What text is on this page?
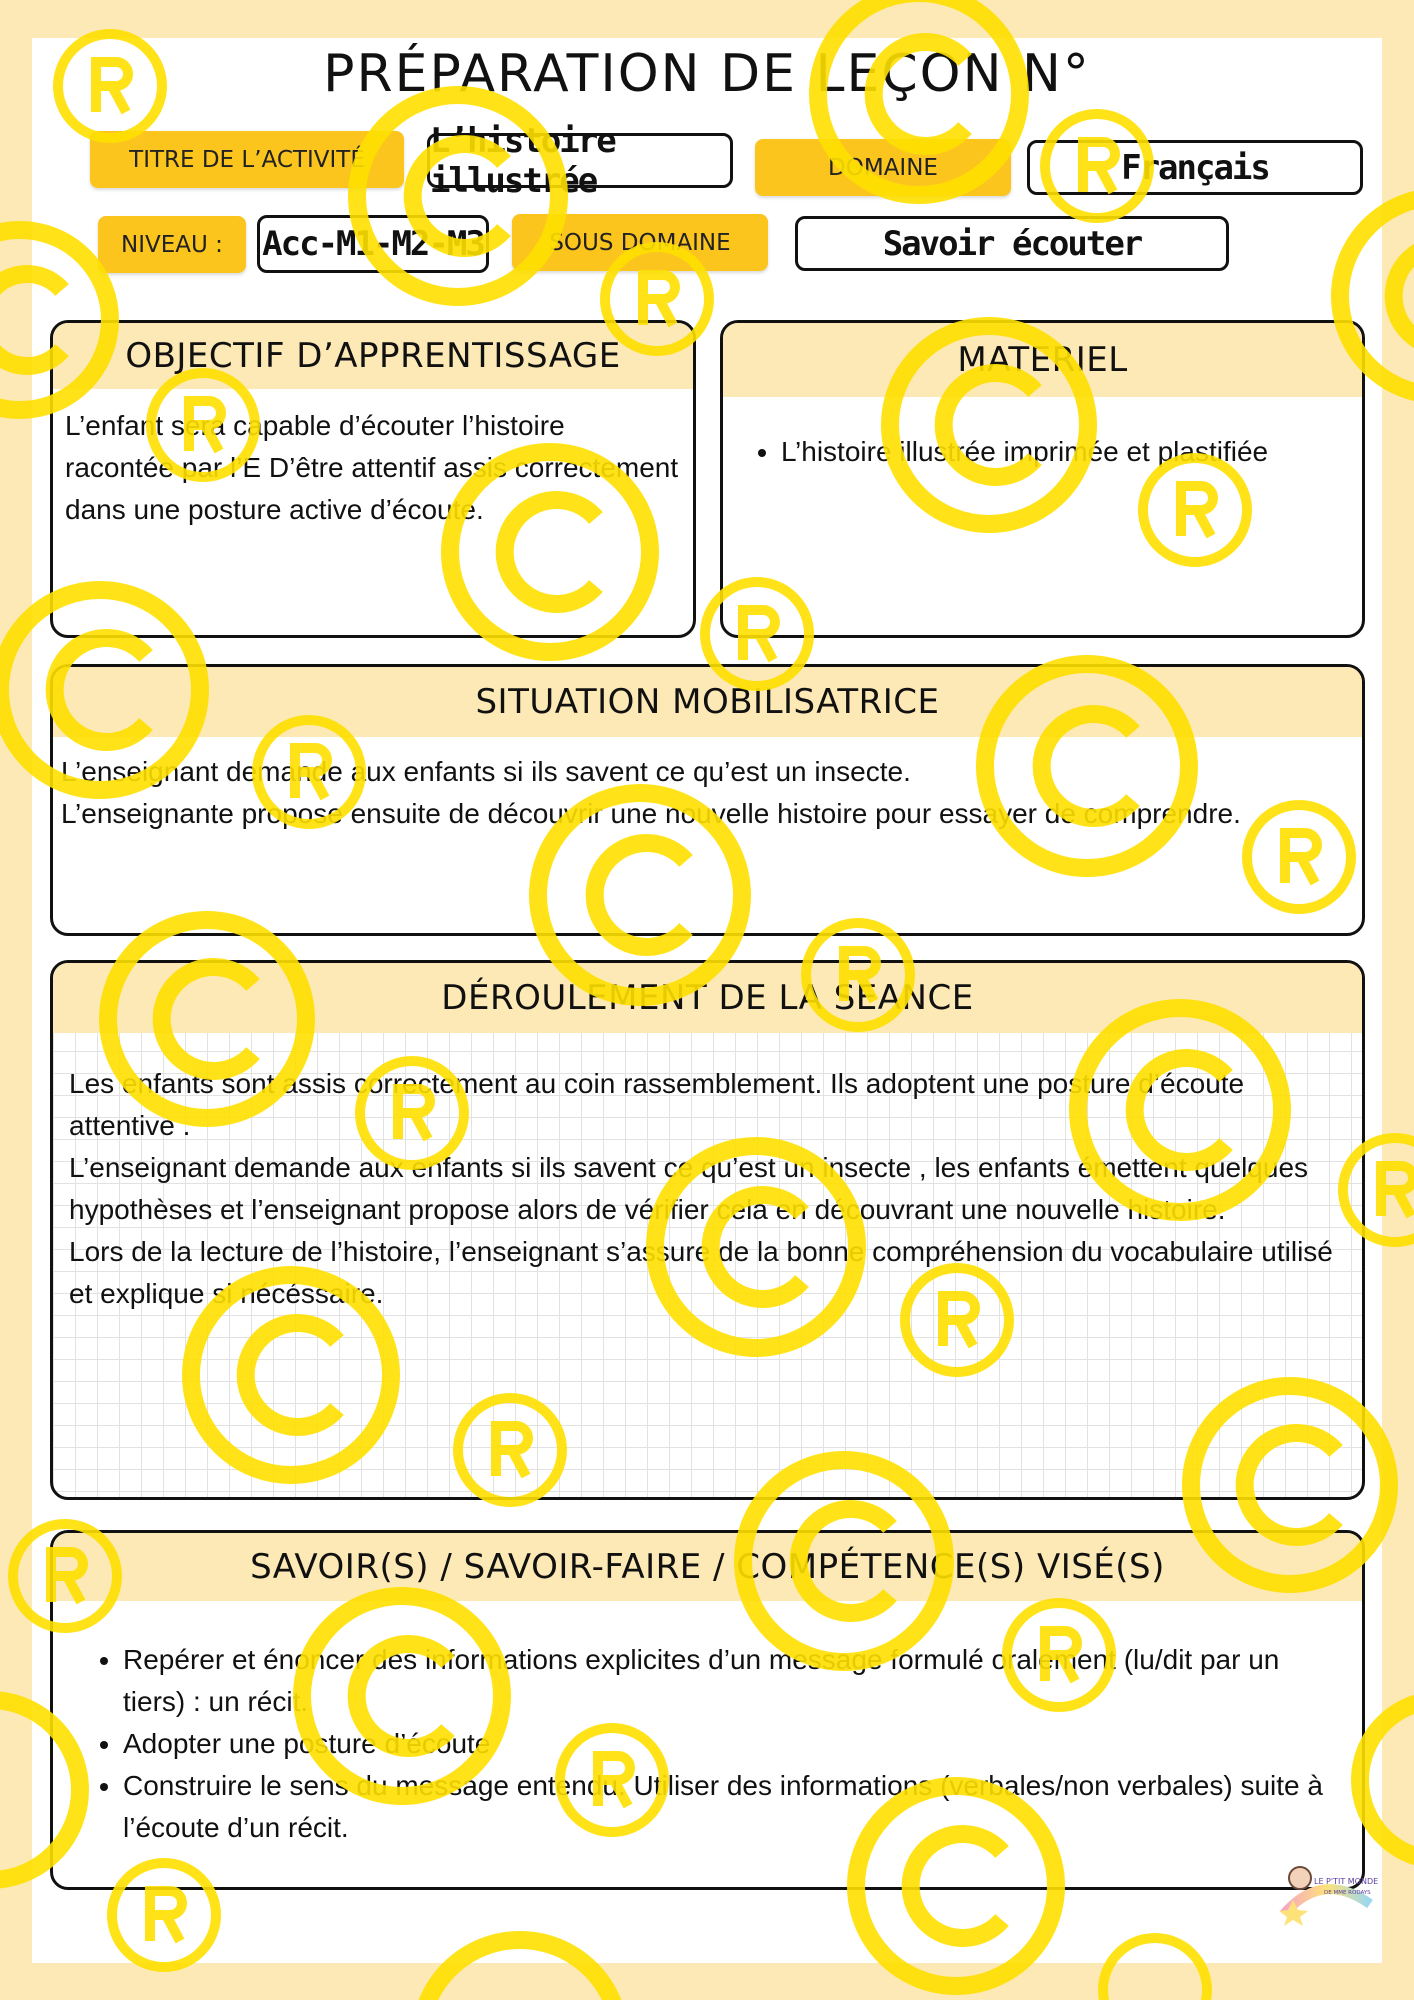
PRÉPARATION DE LEÇON N°
TITRE DE L’ACTIVITÉ	L’histoire illustrée	DOMAINE	Français
NIVEAU :	Acc-M1-M2-M3	SOUS DOMAINE	Savoir écouter
OBJECTIF D’APPRENTISSAGE

L’enfant sera capable d’écouter l’histoire racontée par l’E D’être attentif assis correctement dans une posture active d’écoute.

MATERIEL
• L’histoire illustrée imprimée et plastifiée
SITUATION MOBILISATRICE

L’enseignant demande aux enfants si ils savent ce qu’est un insecte.

L’enseignante propose ensuite de découvrir une nouvelle histoire pour essayer de comprendre.

DÉROULEMENT DE LA SEANCE

Les enfants sont assis correctement au coin rassemblement. Ils adoptent une posture d’écoute attentive .

L’enseignant demande aux enfants si ils savent ce qu’est un insecte , les enfants émettent quelques hypothèses et l’enseignant propose alors de vérifier cela en découvrant une nouvelle histoire.

Lors de la lecture de l’histoire, l’enseignant s’assure de la bonne compréhension du vocabulaire utilisé et explique si nécéssaire.

SAVOIR(S) / SAVOIR-FAIRE / COMPÉTENCE(S) VISÉ(S)
• Repérer et énoncer des informations explicites d’un message formulé oralement (lu/dit par un tiers) : un récit.
• Adopter une posture d’écoute
• Construire le sens du message entendu. Utiliser des informations (verbales/non verbales) suite à l’écoute d’un récit.
LE P'TIT MONDE
DE MME RODAYS
